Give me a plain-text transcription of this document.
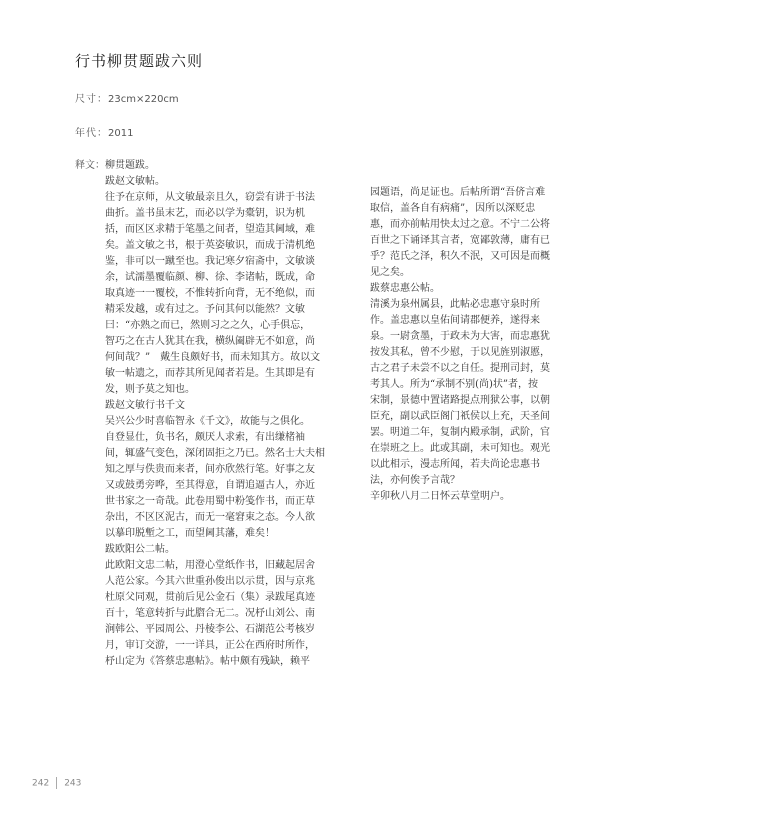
行书柳贯题跋六则
尺寸：23cm×220cm
年代：2011
释文：柳贯题跋。
跋赵文敏帖。
往予在京师，从文敏最亲且久，窃尝有讲于书法
曲折。盖书虽末艺，而必以学为橐钥，识为机
括，而区区求精于笔墨之间者，望造其阃域，难
矣。盖文敏之书，根于英姿敏识，而成于清机绝
鉴，非可以一蹴至也。我记寒夕宿斋中，文敏谈
余，试濡墨覆临颜、柳、徐、李诸帖，既成，命
取真迹一一覆校，不惟转折向背，无不绝似，而
精采发越，或有过之。予问其何以能然？文敏
曰：“亦熟之而已，然则习之之久，心手俱忘，
智巧之在古人犹其在我，横纵阖辟无不如意，尚
何间哉？”　戴生良颇好书，而未知其方。故以文
敏一帖遗之，而荐其所见闻者若是。生其即是有
发，则予莫之知也。
跋赵文敏行书千文
吴兴公少时喜临智永《千文》，故能与之俱化。
自登显仕，负书名，颇厌人求索，有出缣楮袖
间，辄盛气变色，深闭固拒之乃已。然名士大夫相
知之厚与佚贵而来者，间亦欣然行笔。好事之友
又或鼓勇旁哗，至其得意，自谓追逼古人，亦近
世书家之一奇哉。此卷用蜀中粉笺作书，而正草
杂出，不区区泥古，而无一毫窘束之态。今人欲
以摹印脱塹之工，而望阃其藩，难矣！
跋欧阳公二帖。
此欧阳文忠二帖，用澄心堂纸作书，旧藏起居舍
人范公家。今其六世重孙俊出以示贯，因与京兆
杜原父同观，贯前后见公金石（集）录跋尾真迹
百十，笔意转折与此脗合无二。况杼山刘公、南
涧韩公、平园周公、丹棱李公、石湖范公考核岁
月，审订交游，一一详具，正公在西府时所作，
杼山定为《答蔡忠惠帖》。帖中颇有残缺，赖平
园题语，尚足证也。后帖所谓“吾侪言难
取信，盖各自有病痛”，因所以深贬忠
惠，而亦前帖用快太过之意。不宁二公将
百世之下诵译其言者，宽鄙敦薄，庸有已
乎？范氏之泽，积久不泯，又可因是而概
见之矣。
跋蔡忠惠公帖。
清溪为泉州属县，此帖必忠惠守泉时所
作。盖忠惠以皇佑间请郡便养，遂得来
泉。一尉贪墨，于政未为大害，而忠惠犹
按发其私，曾不少慰，于以见旌别淑慝，
古之君子未尝不以之自任。提刑司封，莫
考其人。所为“承制不别(尚)状”者，按
宋制，景德中置诸路提点刑狱公事，以朝
臣充，副以武臣阁门祇侯以上充，天圣间
罢。明道二年，复制内殿承制，武阶，官
在崇班之上。此或其副，未可知也。观光
以此相示，漫志所闻，若夫尚论忠惠书
法，亦何俟予言哉？
辛卯秋八月二日怀云草堂明户。
242 243
